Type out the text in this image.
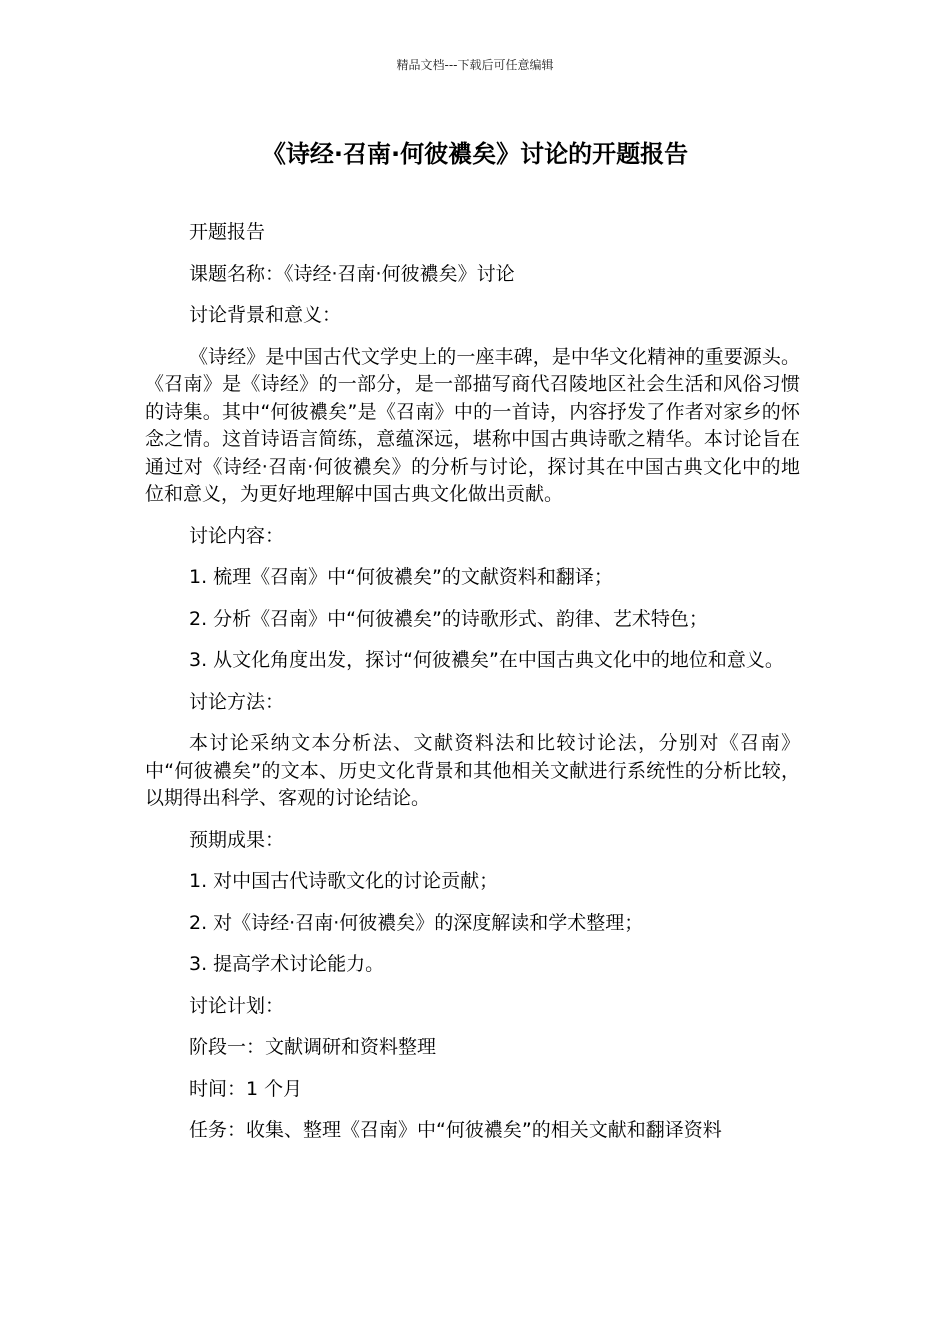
精品文档---下载后可任意编辑
《诗经·召南·何彼襛矣》讨论的开题报告

开题报告

课题名称：《诗经·召南·何彼襛矣》讨论

讨论背景和意义：

《诗经》是中国古代文学史上的一座丰碑，是中华文化精神的重要源头。《召南》是《诗经》的一部分，是一部描写商代召陵地区社会生活和风俗习惯的诗集。其中“何彼襛矣”是《召南》中的一首诗，内容抒发了作者对家乡的怀念之情。这首诗语言简练，意蕴深远，堪称中国古典诗歌之精华。本讨论旨在通过对《诗经·召南·何彼襛矣》的分析与讨论，探讨其在中国古典文化中的地位和意义，为更好地理解中国古典文化做出贡献。

讨论内容：

1. 梳理《召南》中“何彼襛矣”的文献资料和翻译；

2. 分析《召南》中“何彼襛矣”的诗歌形式、韵律、艺术特色；

3. 从文化角度出发，探讨“何彼襛矣”在中国古典文化中的地位和意义。

讨论方法：

本讨论采纳文本分析法、文献资料法和比较讨论法，分别对《召南》中“何彼襛矣”的文本、历史文化背景和其他相关文献进行系统性的分析比较，以期得出科学、客观的讨论结论。

预期成果：

1. 对中国古代诗歌文化的讨论贡献；

2. 对《诗经·召南·何彼襛矣》的深度解读和学术整理；

3. 提高学术讨论能力。

讨论计划：

阶段一：文献调研和资料整理

时间：1 个月

任务：收集、整理《召南》中“何彼襛矣”的相关文献和翻译资料
